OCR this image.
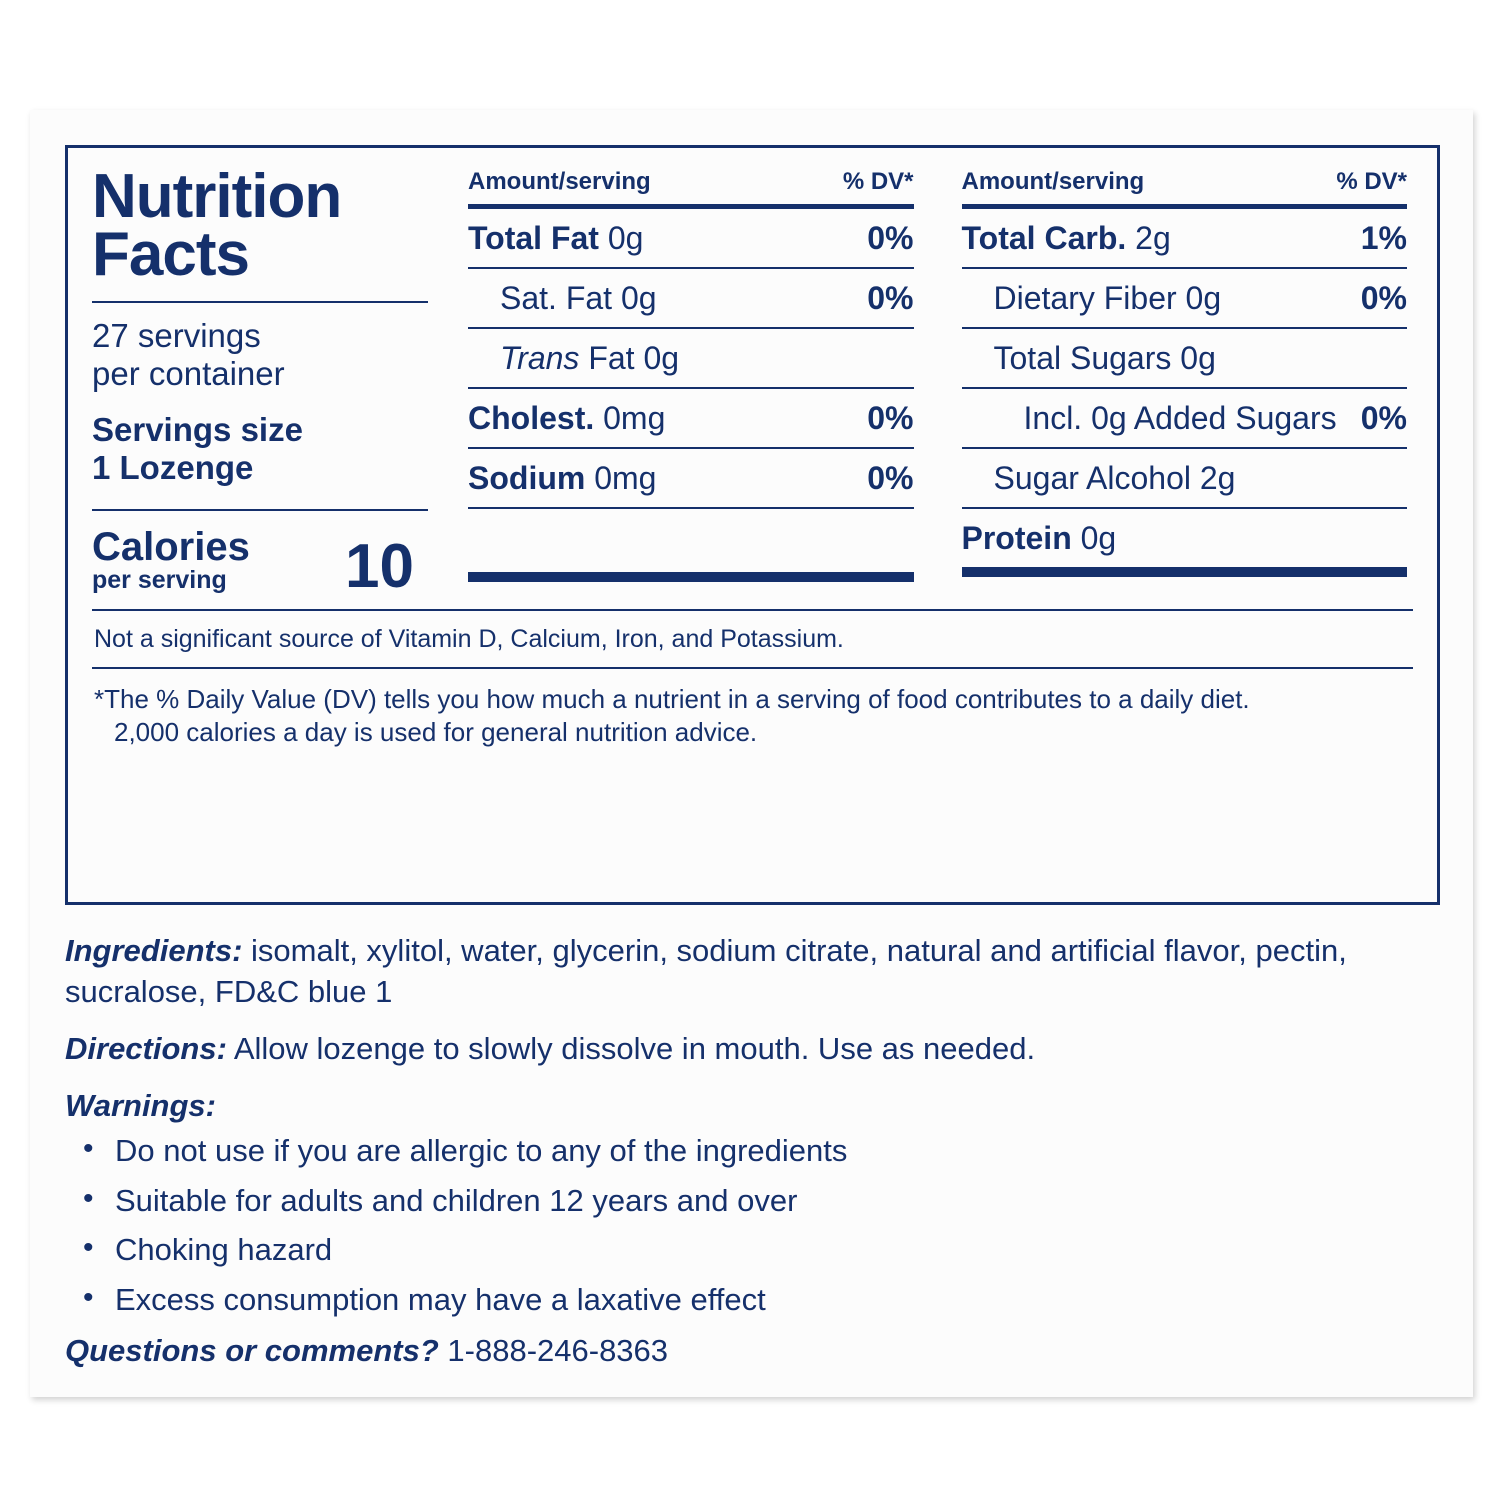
Nutrition
Facts
27 servings
per container
Servings size
1 Lozenge
Calories
per serving	10
Amount/serving	% DV*
Total Fat 0g	0%
Sat. Fat 0g	0%
Trans Fat 0g
Cholest. 0mg	0%
Sodium 0mg	0%
Amount/serving	% DV*
Total Carb. 2g	1%
Dietary Fiber 0g	0%
Total Sugars 0g
Incl. 0g Added Sugars 0%
Sugar Alcohol 2g
Protein 0g
Not a significant source of Vitamin D, Calcium, Iron, and Potassium.
*The % Daily Value (DV) tells you how much a nutrient in a serving of food contributes to a daily diet.
2,000 calories a day is used for general nutrition advice.
Ingredients: isomalt, xylitol, water, glycerin, sodium citrate, natural and artificial flavor, pectin, sucralose, FD&C blue 1
Directions: Allow lozenge to slowly dissolve in mouth. Use as needed.
Warnings:
• Do not use if you are allergic to any of the ingredients
• Suitable for adults and children 12 years and over
• Choking hazard
• Excess consumption may have a laxative effect
Questions or comments? 1-888-246-8363
